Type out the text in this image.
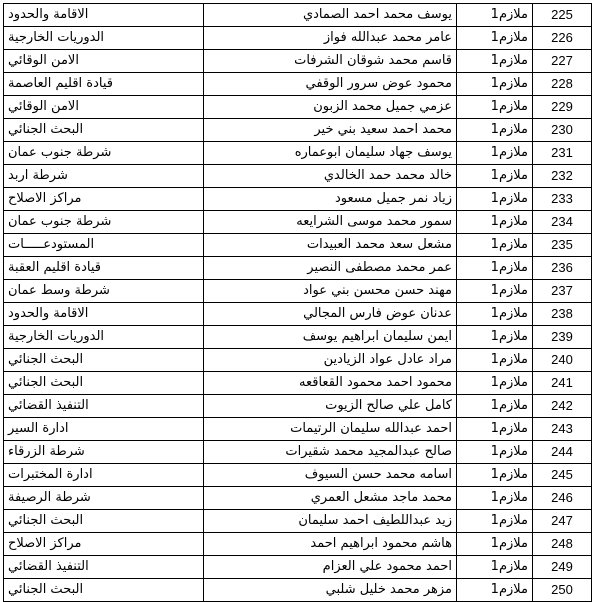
الاقامة والحدود	يوسف محمد احمد الصمادي	ملازم1	225
الدوريات الخارجية	عامر محمد عبدالله فواز	ملازم1	226
الامن الوقائي	قاسم محمد شوقان الشرفات	ملازم1	227
قيادة اقليم العاصمة	محمود عوض سرور الوقفي	ملازم1	228
الامن الوقائي	عزمي جميل محمد الزبون	ملازم1	229
البحث الجنائي	محمد احمد سعيد بني خير	ملازم1	230
شرطة جنوب عمان	يوسف جهاد سليمان ابوعماره	ملازم1	231
شرطة اربد	خالد محمد حمد الخالدي	ملازم1	232
مراكز الاصلاح	زياد نمر جميل مسعود	ملازم1	233
شرطة جنوب عمان	سمور محمد موسى الشرايعه	ملازم1	234
المستودعـــــات	مشعل سعد محمد العبيدات	ملازم1	235
قيادة اقليم العقبة	عمر محمد مصطفى النصير	ملازم1	236
شرطة وسط عمان	مهند حسن محسن بني عواد	ملازم1	237
الاقامة والحدود	عدنان عوض فارس المجالي	ملازم1	238
الدوريات الخارجية	ايمن سليمان ابراهيم يوسف	ملازم1	239
البحث الجنائي	مراد عادل عواد الزيادين	ملازم1	240
البحث الجنائي	محمود احمد محمود القعاقعه	ملازم1	241
التنفيذ القضائي	كامل علي صالح الزيوت	ملازم1	242
ادارة السير	احمد عبدالله سليمان الرتيمات	ملازم1	243
شرطة الزرقاء	صالح عبدالمجيد محمد شقيرات	ملازم1	244
ادارة المختبرات	اسامه محمد حسن السيوف	ملازم1	245
شرطة الرصيفة	محمد ماجد مشعل العمري	ملازم1	246
البحث الجنائي	زيد عبداللطيف احمد سليمان	ملازم1	247
مراكز الاصلاح	هاشم محمود ابراهيم احمد	ملازم1	248
التنفيذ القضائي	احمد محمود علي العزام	ملازم1	249
البحث الجنائي	مزهر محمد خليل شلبي	ملازم1	250
